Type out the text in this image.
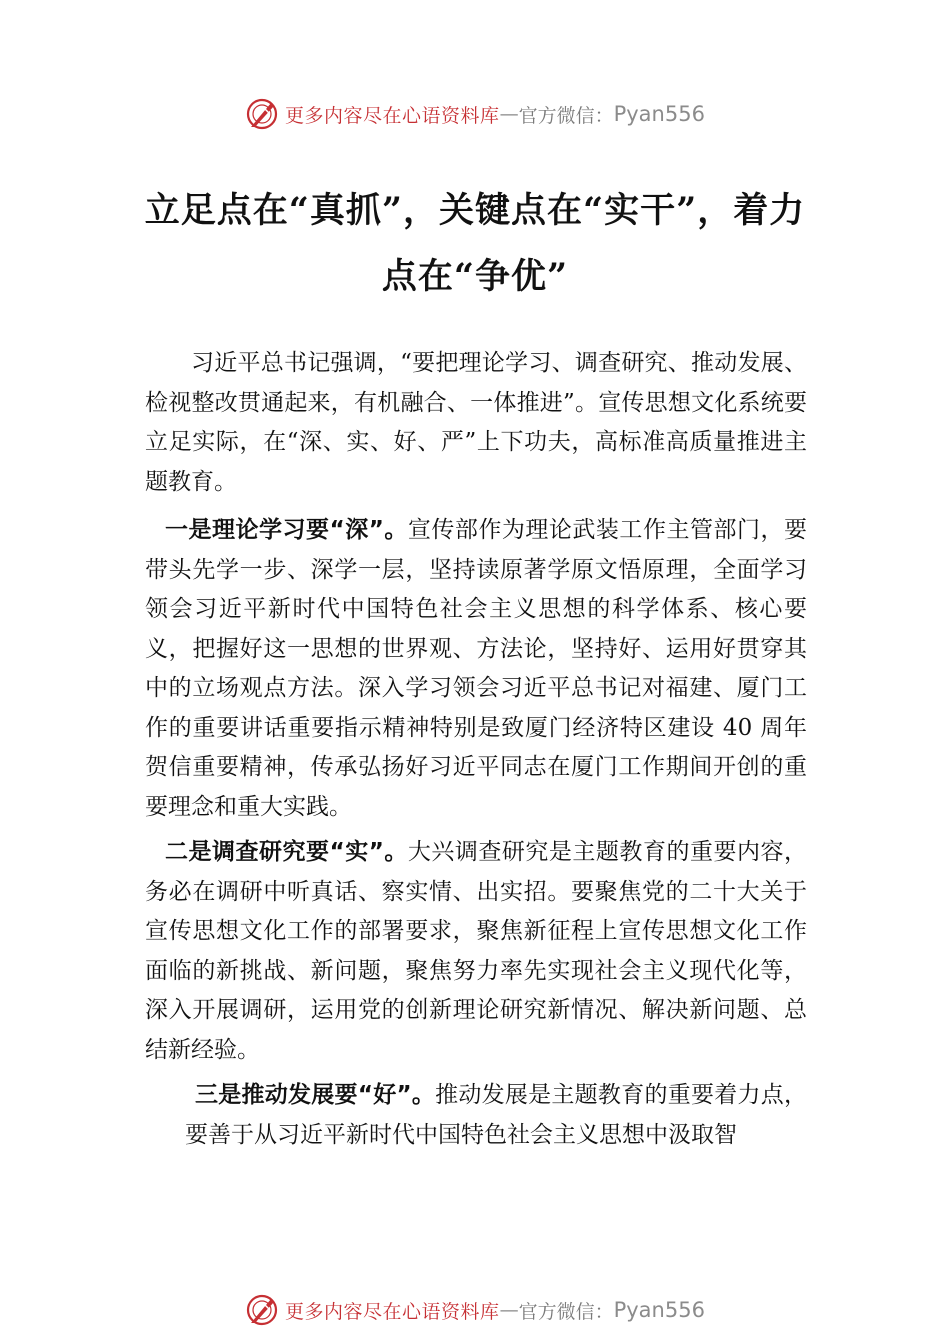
更多内容尽在心语资料库 — 官方微信： Pyan556
立足点在“真抓”，关键点在“实干”，着力点在“争优”

习近平总书记强调，“要把理论学习、调查研究、推动发展、检视整改贯通起来，有机融合、一体推进”。宣传思想文化系统要立足实际，在“深、实、好、严”上下功夫，高标准高质量推进主题教育。

一是理论学习要“深”。宣传部作为理论武装工作主管部门，要带头先学一步、深学一层，坚持读原著学原文悟原理，全面学习领会习近平新时代中国特色社会主义思想的科学体系、核心要义，把握好这一思想的世界观、方法论，坚持好、运用好贯穿其中的立场观点方法。深入学习领会习近平总书记对福建、厦门工作的重要讲话重要指示精神特别是致厦门经济特区建设 40 周年贺信重要精神，传承弘扬好习近平同志在厦门工作期间开创的重要理念和重大实践。

二是调查研究要“实”。大兴调查研究是主题教育的重要内容，务必在调研中听真话、察实情、出实招。要聚焦党的二十大关于宣传思想文化工作的部署要求，聚焦新征程上宣传思想文化工作面临的新挑战、新问题，聚焦努力率先实现社会主义现代化等，深入开展调研，运用党的创新理论研究新情况、解决新问题、总结新经验。

三是推动发展要“好”。推动发展是主题教育的重要着力点，要善于从习近平新时代中国特色社会主义思想中汲取智

更多内容尽在心语资料库 — 官方微信： Pyan556
